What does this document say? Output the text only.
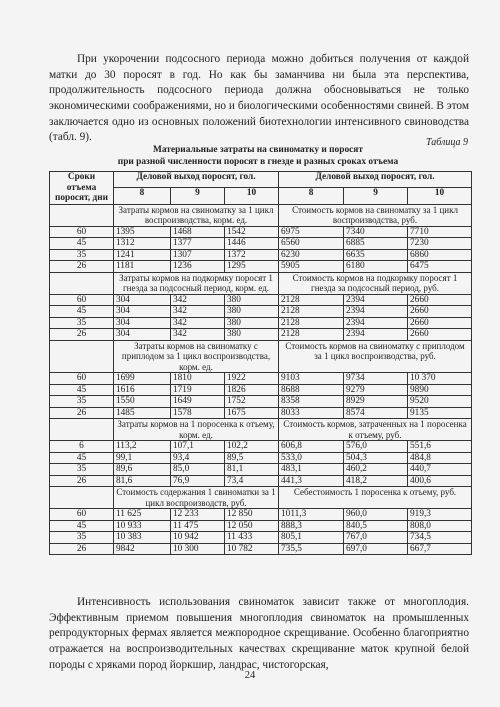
При укорочении подсосного периода можно добиться получения от каждой матки до 30 поросят в год. Но как бы заманчива ни была эта перспектива, продолжительность подсосного периода должна обосновываться не только экономическими соображениями, но и биологическими особенностями свиней. В этом заключается одно из основных положений биотехнологии интенсивного свиноводства (табл. 9).	Таблица 9
Материальные затраты на свиноматку и поросят
при разной численности поросят в гнезде и разных сроках отъема
Сроки отъема поросят, дни	Деловой выход поросят, гол.			Деловой выход поросят, гол.		
	8	9	10	8	9	10
	Затраты кормов на свиноматку за 1 цикл воспроизводства, корм. ед.			Стоимость кормов на свиноматку за 1 цикл воспроизводства, руб.		
60	1395	1468	1542	6975	7340	7710
45	1312	1377	1446	6560	6885	7230
35	1241	1307	1372	6230	6635	6860
26	1181	1236	1295	5905	6180	6475
	Затраты кормов на подкормку поросят 1 гнезда за подсосный период, корм. ед.			Стоимость кормов на подкормку поросят 1 гнезда за подсосный период, руб.		
60	304	342	380	2128	2394	2660
45	304	342	380	2128	2394	2660
35	304	342	380	2128	2394	2660
26	304	342	380	2128	2394	2660
	Затраты кормов на свиноматку с приплодом за 1 цикл воспроизводства, корм. ед.			Стоимость кормов на свиноматку с приплодом за 1 цикл воспроизводства, руб.		
60	1699	1810	1922	9103	9734	10 370
45	1616	1719	1826	8688	9279	9890
35	1550	1649	1752	8358	8929	9520
26	1485	1578	1675	8033	8574	9135
	Затраты кормов на 1 поросенка к отъему, корм. ед.			Стоимость кормов, затраченных на 1 поросенка к отъему, руб.		
6	113,2	107,1	102,2	606,8	576,0	551,6
45	99,1	93,4	89,5	533,0	504,3	484,8
35	89,6	85,0	81,1	483,1	460,2	440,7
26	81,6	76,9	73,4	441,3	418,2	400,6
	Стоимость содержания 1 свиноматки за 1 цикл воспроизводств, руб.			Себестоимость 1 поросенка к отъему, руб.		
60	11 625	12 233	12 850	1011,3	960,0	919,3
45	10 933	11 475	12 050	888,3	840,5	808,0
35	10 383	10 942	11 433	805,1	767,0	734,5
26	9842	10 300	10 782	735,5	697,0	667,7

Интенсивность использования свиноматок зависит также от многоплодия. Эффективным приемом повышения многоплодия свиноматок на промышленных репродукторных фермах является межпородное скрещивание. Особенно благоприятно отражается на воспроизводительных качествах скрещивание маток крупной белой породы с хряками пород йоркшир, ландрас, чистогорская,

24
